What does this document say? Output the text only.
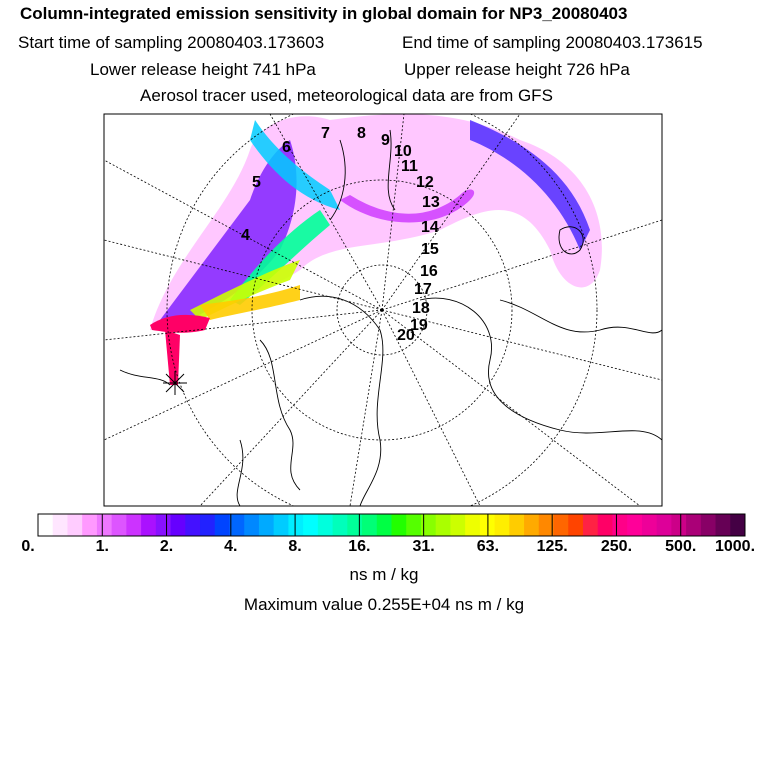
Column-integrated emission sensitivity in global domain for NP3_20080403
Start time of sampling 20080403.173603	End time of sampling 20080403.173615
Lower release height 741 hPa	Upper release height 726 hPa
Aerosol tracer used, meteorological data are from GFS
4
5
6
7 8 9
10
11
12
13
14
15
16
17
18
19
20
0.	1.	2.	4.	8.	16.	31.	63. 125. 250. 500. 1000.
ns m / kg
Maximum value 0.255E+04 ns m / kg
